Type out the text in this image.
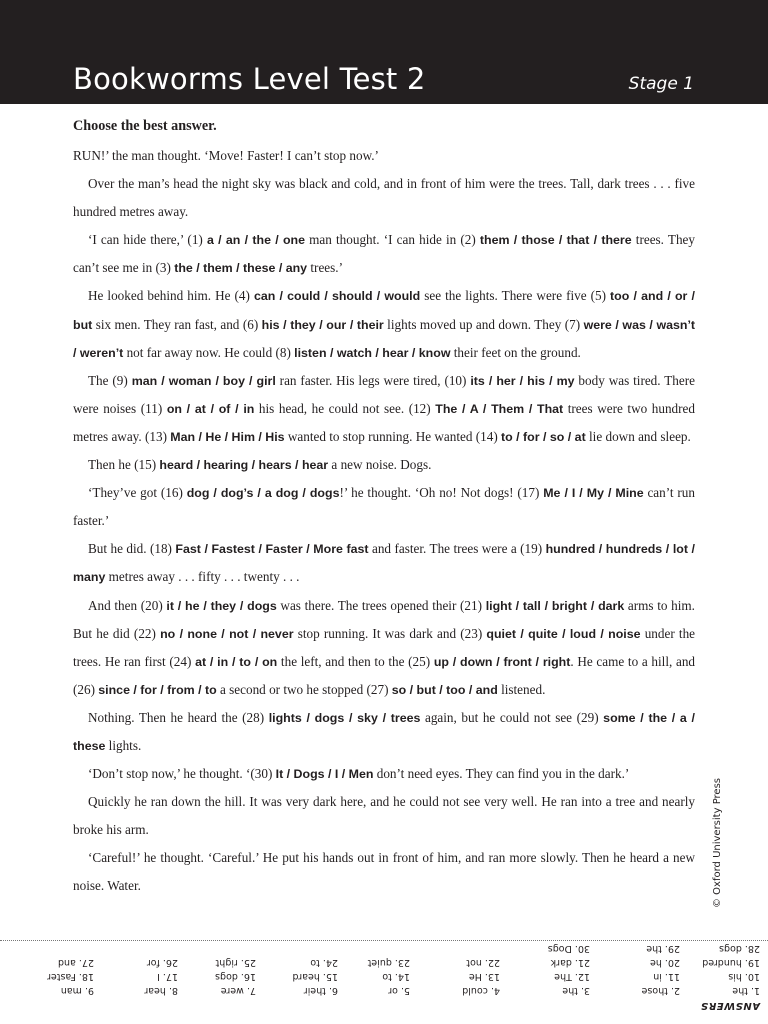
Bookworms Level Test 2	Stage 1
Choose the best answer.

RUN!’ the man thought. ‘Move! Faster! I can’t stop now.’

Over the man’s head the night sky was black and cold, and in front of him were the trees. Tall, dark trees . . . five hundred metres away.

‘I can hide there,’ (1) a / an / the / one man thought. ‘I can hide in (2) them / those / that / there trees. They can’t see me in (3) the / them / these / any trees.’

He looked behind him. He (4) can / could / should / would see the lights. There were five (5) too / and / or / but six men. They ran fast, and (6) his / they / our / their lights moved up and down. They (7) were / was / wasn’t / weren’t not far away now. He could (8) listen / watch / hear / know their feet on the ground.

The (9) man / woman / boy / girl ran faster. His legs were tired, (10) its / her / his / my body was tired. There were noises (11) on / at / of / in his head, he could not see. (12) The / A / Them / That trees were two hundred metres away. (13) Man / He / Him / His wanted to stop running. He wanted (14) to / for / so / at lie down and sleep.

Then he (15) heard / hearing / hears / hear a new noise. Dogs.

‘They’ve got (16) dog / dog’s / a dog / dogs!’ he thought. ‘Oh no! Not dogs! (17) Me / I / My / Mine can’t run faster.’

But he did. (18) Fast / Fastest / Faster / More fast and faster. The trees were a (19) hundred / hundreds / lot / many metres away . . . fifty . . . twenty . . .

And then (20) it / he / they / dogs was there. The trees opened their (21) light / tall / bright / dark arms to him. But he did (22) no / none / not / never stop running. It was dark and (23) quiet / quite / loud / noise under the trees. He ran first (24) at / in / to / on the left, and then to the (25) up / down / front / right. He came to a hill, and (26) since / for / from / to a second or two he stopped (27) so / but / too / and listened.

Nothing. Then he heard the (28) lights / dogs / sky / trees again, but he could not see (29) some / the / a / these lights.

‘Don’t stop now,’ he thought. ‘(30) It / Dogs / I / Men don’t need eyes. They can find you in the dark.’

Quickly he ran down the hill. It was very dark here, and he could not see very well. He ran into a tree and nearly broke his arm.

‘Careful!’ he thought. ‘Careful.’ He put his hands out in front of him, and ran more slowly. Then he heard a new noise. Water.	© Oxford University Press
ANSWERS
1. the
10. his
19. hundred
28. dogs
2. those
11. in
20. he
29. the
3. the
12. The
21. dark
30. Dogs
4. could
13. He
22. not
5. or
14. to
23. quiet
6. their
15. heard
24. to
7. were
16. dogs
25. right
8. hear
17. I
26. for
9. man
18. Faster
27. and
